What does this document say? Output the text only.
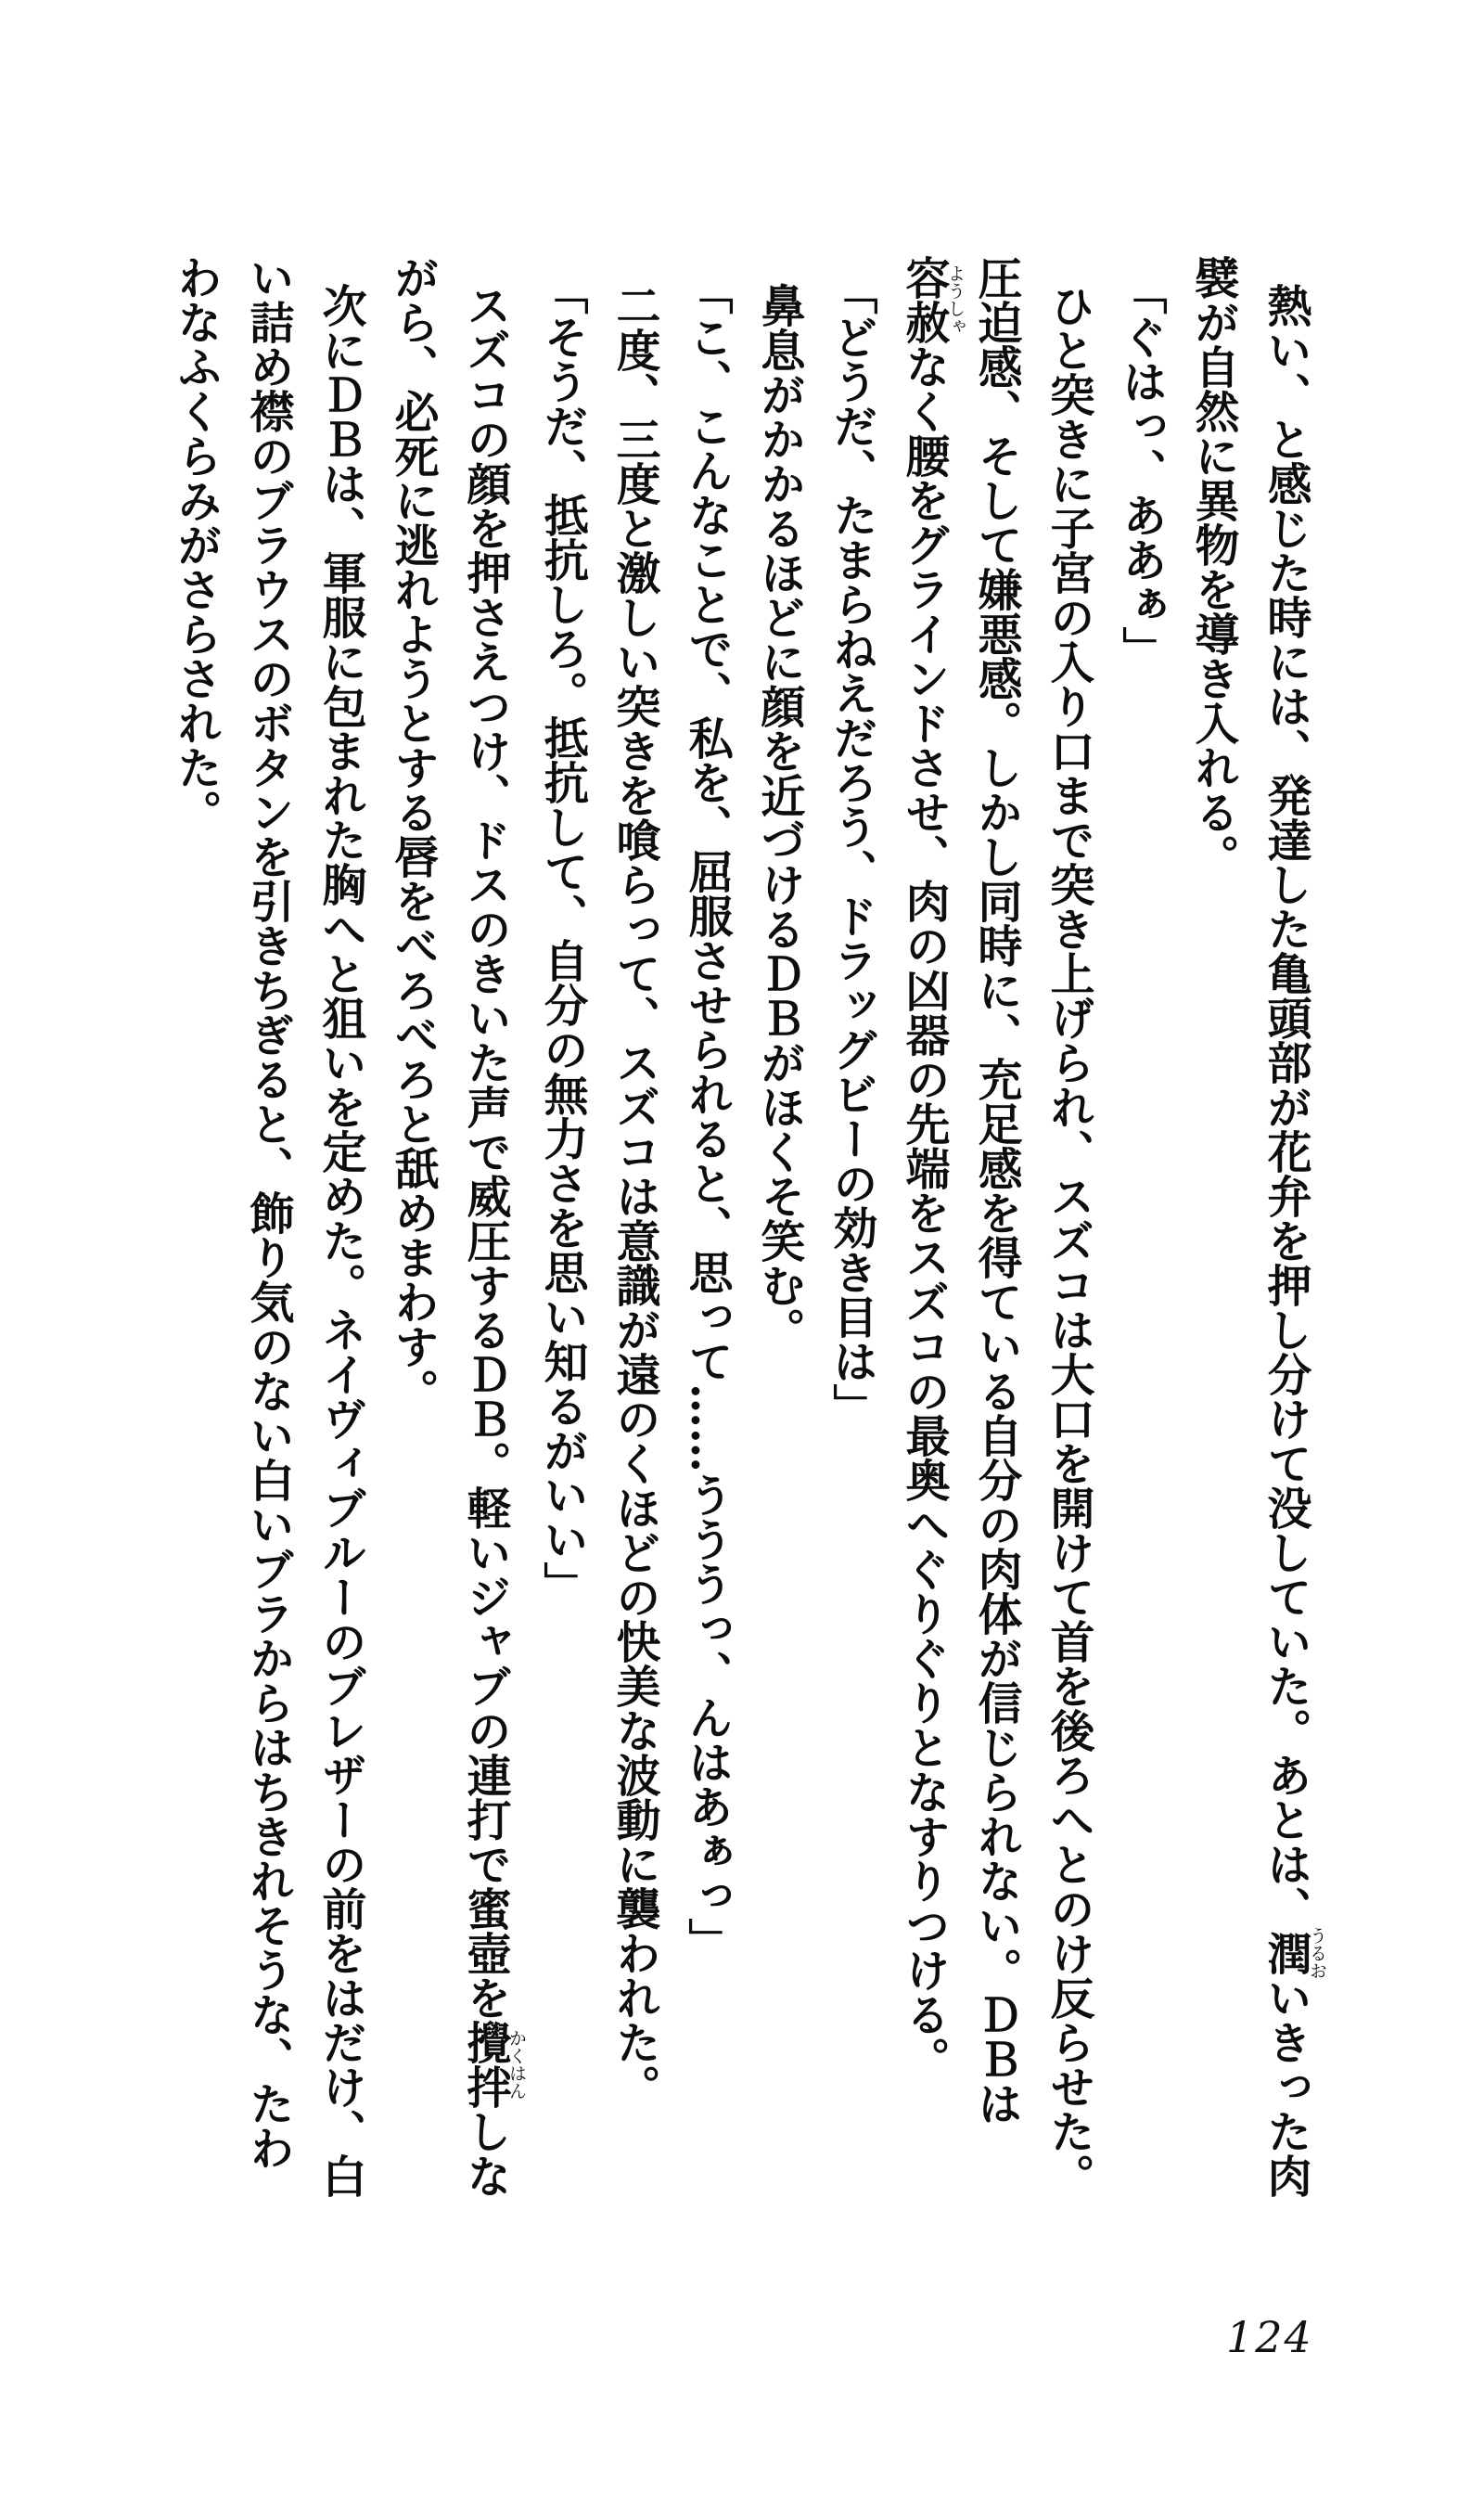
熱い、と感じた時には、発達した亀頭部が花弁を押し分けて没していた。あとは、潤うるおいきった肉襞が自然に異物を導き入れる。

「ぐはっ、ああぁ」

ひと突きに子宮の入り口まで突き上げられ、スズコは大口を開けて首を後ろへとのけ反らせた。圧迫感、そして嫌悪感。しかし同時に、充足感を得ている自分の肉体が信じられない。ＤＢは容赦ようしゃなく腰をグラインドさせ、肉の凶器の先端をスズコの最奥へぐりぐりとなすりつける。

「どうだ、たまらねえだろう、ドラッグビーの効き目は」

鼻息がかかるほどに顔を近づけるＤＢがほくそ笑む。

「こ、こんなことで、私を、屈服させられると、思って……うううっ、んはあぁっ」

二度、三度と激しい突きを喰らって、スズコは意識が遠のくほどの快美な波動に襲われた。

「そうだ、抵抗しろ。抵抗して、自分の無力さを思い知るがいい」

スズコの顔を押さえつけ、ドスのきいた声で威圧するＤＢ。軽いジャブの連打で蜜壺を攪拌かくはんしながら、必死に逃れようとする唇をべろべろと舐めまわす。

次にＤＢは、軍服に包まれた胸へと狙いを定めた。ネイヴィブルーのブレザーの前をはだけ、白い詰め襟のブラウスのボタンを引きちぎると、飾り気のない白いブラからはちきれそうな、たわわなふくらみがさらされた。

124
